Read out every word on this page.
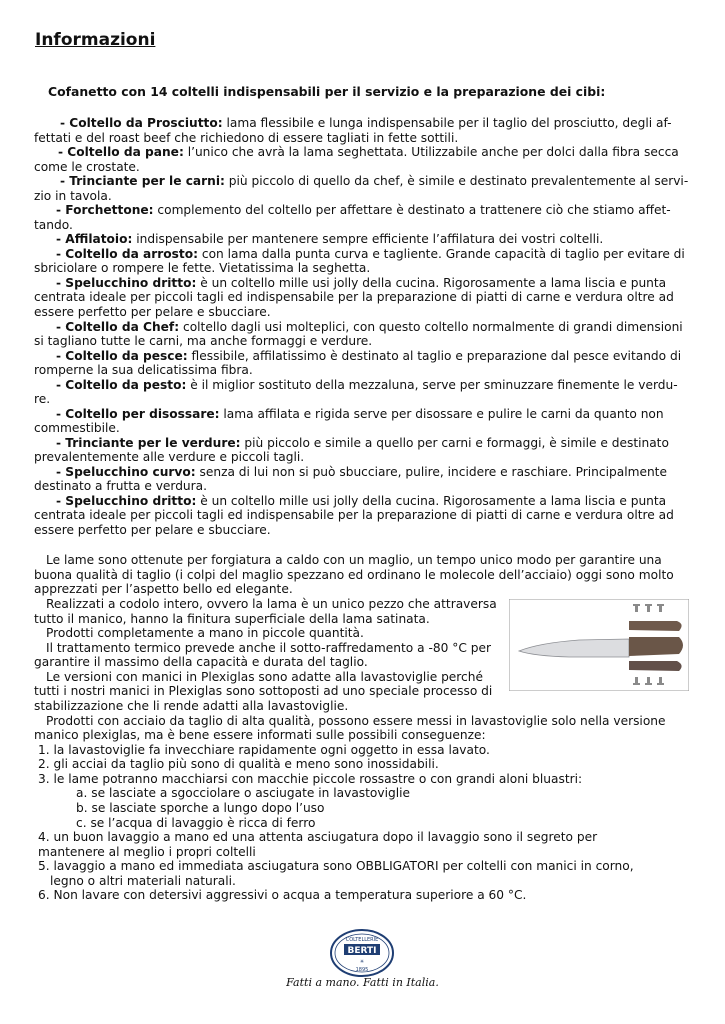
Informazioni

Cofanetto con 14 coltelli indispensabili per il servizio e la preparazione dei cibi:

- Coltello da Prosciutto: lama flessibile e lunga indispensabile per il taglio del prosciutto, degli af-
fettati e del roast beef che richiedono di essere tagliati in fette sottili.
- Coltello da pane: l’unico che avrà la lama seghettata. Utilizzabile anche per dolci dalla fibra secca
come le crostate.
- Trinciante per le carni: più piccolo di quello da chef, è simile e destinato prevalentemente al servi-
zio in tavola.
- Forchettone: complemento del coltello per affettare è destinato a trattenere ciò che stiamo affet-
tando.
- Affilatoio: indispensabile per mantenere sempre efficiente l’affilatura dei vostri coltelli.
- Coltello da arrosto: con lama dalla punta curva e tagliente. Grande capacità di taglio per evitare di
sbriciolare o rompere le fette. Vietatissima la seghetta.
- Spelucchino dritto: è un coltello mille usi jolly della cucina. Rigorosamente a lama liscia e punta
centrata ideale per piccoli tagli ed indispensabile per la preparazione di piatti di carne e verdura oltre ad
essere perfetto per pelare e sbucciare.
- Coltello da Chef: coltello dagli usi molteplici, con questo coltello normalmente di grandi dimensioni
si tagliano tutte le carni, ma anche formaggi e verdure.
- Coltello da pesce: flessibile, affilatissimo è destinato al taglio e preparazione dal pesce evitando di
romperne la sua delicatissima fibra.
- Coltello da pesto: è il miglior sostituto della mezzaluna, serve per sminuzzare finemente le verdu-
re.
- Coltello per disossare: lama affilata e rigida serve per disossare e pulire le carni da quanto non
commestibile.
- Trinciante per le verdure: più piccolo e simile a quello per carni e formaggi, è simile e destinato
prevalentemente alle verdure e piccoli tagli.
- Spelucchino curvo: senza di lui non si può sbucciare, pulire, incidere e raschiare. Principalmente
destinato a frutta e verdura.
- Spelucchino dritto: è un coltello mille usi jolly della cucina. Rigorosamente a lama liscia e punta
centrata ideale per piccoli tagli ed indispensabile per la preparazione di piatti di carne e verdura oltre ad
essere perfetto per pelare e sbucciare.
Le lame sono ottenute per forgiatura a caldo con un maglio, un tempo unico modo per garantire una
buona qualità di taglio (i colpi del maglio spezzano ed ordinano le molecole dell’acciaio) oggi sono molto
apprezzati per l’aspetto bello ed elegante.
Realizzati a codolo intero, ovvero la lama è un unico pezzo che attraversa
tutto il manico, hanno la finitura superficiale della lama satinata.
Prodotti completamente a mano in piccole quantità.
Il trattamento termico prevede anche il sotto-raffredamento a -80 °C per
garantire il massimo della capacità e durata del taglio.
Le versioni con manici in Plexiglas sono adatte alla lavastoviglie perché
tutti i nostri manici in Plexiglas sono sottoposti ad uno speciale processo di
stabilizzazione che li rende adatti alla lavastoviglie.
Prodotti con acciaio da taglio di alta qualità, possono essere messi in lavastoviglie solo nella versione
manico plexiglas, ma è bene essere informati sulle possibili conseguenze:
1. la lavastoviglie fa invecchiare rapidamente ogni oggetto in essa lavato.
2. gli acciai da taglio più sono di qualità e meno sono inossidabili.
3. le lame potranno macchiarsi con macchie piccole rossastre o con grandi aloni bluastri:
a. se lasciate a sgocciolare o asciugate in lavastoviglie
b. se lasciate sporche a lungo dopo l’uso
c. se l’acqua di lavaggio è ricca di ferro
4. un buon lavaggio a mano ed una attenta asciugatura dopo il lavaggio sono il segreto per
mantenere al meglio i propri coltelli
5. lavaggio a mano ed immediata asciugatura sono OBBLIGATORI per coltelli con manici in corno,
legno o altri materiali naturali.
6. Non lavare con detersivi aggressivi o acqua a temperatura superiore a 60 °C.
COLTELLERIE
BERTI
✳
1895
Fatti a mano. Fatti in Italia.
